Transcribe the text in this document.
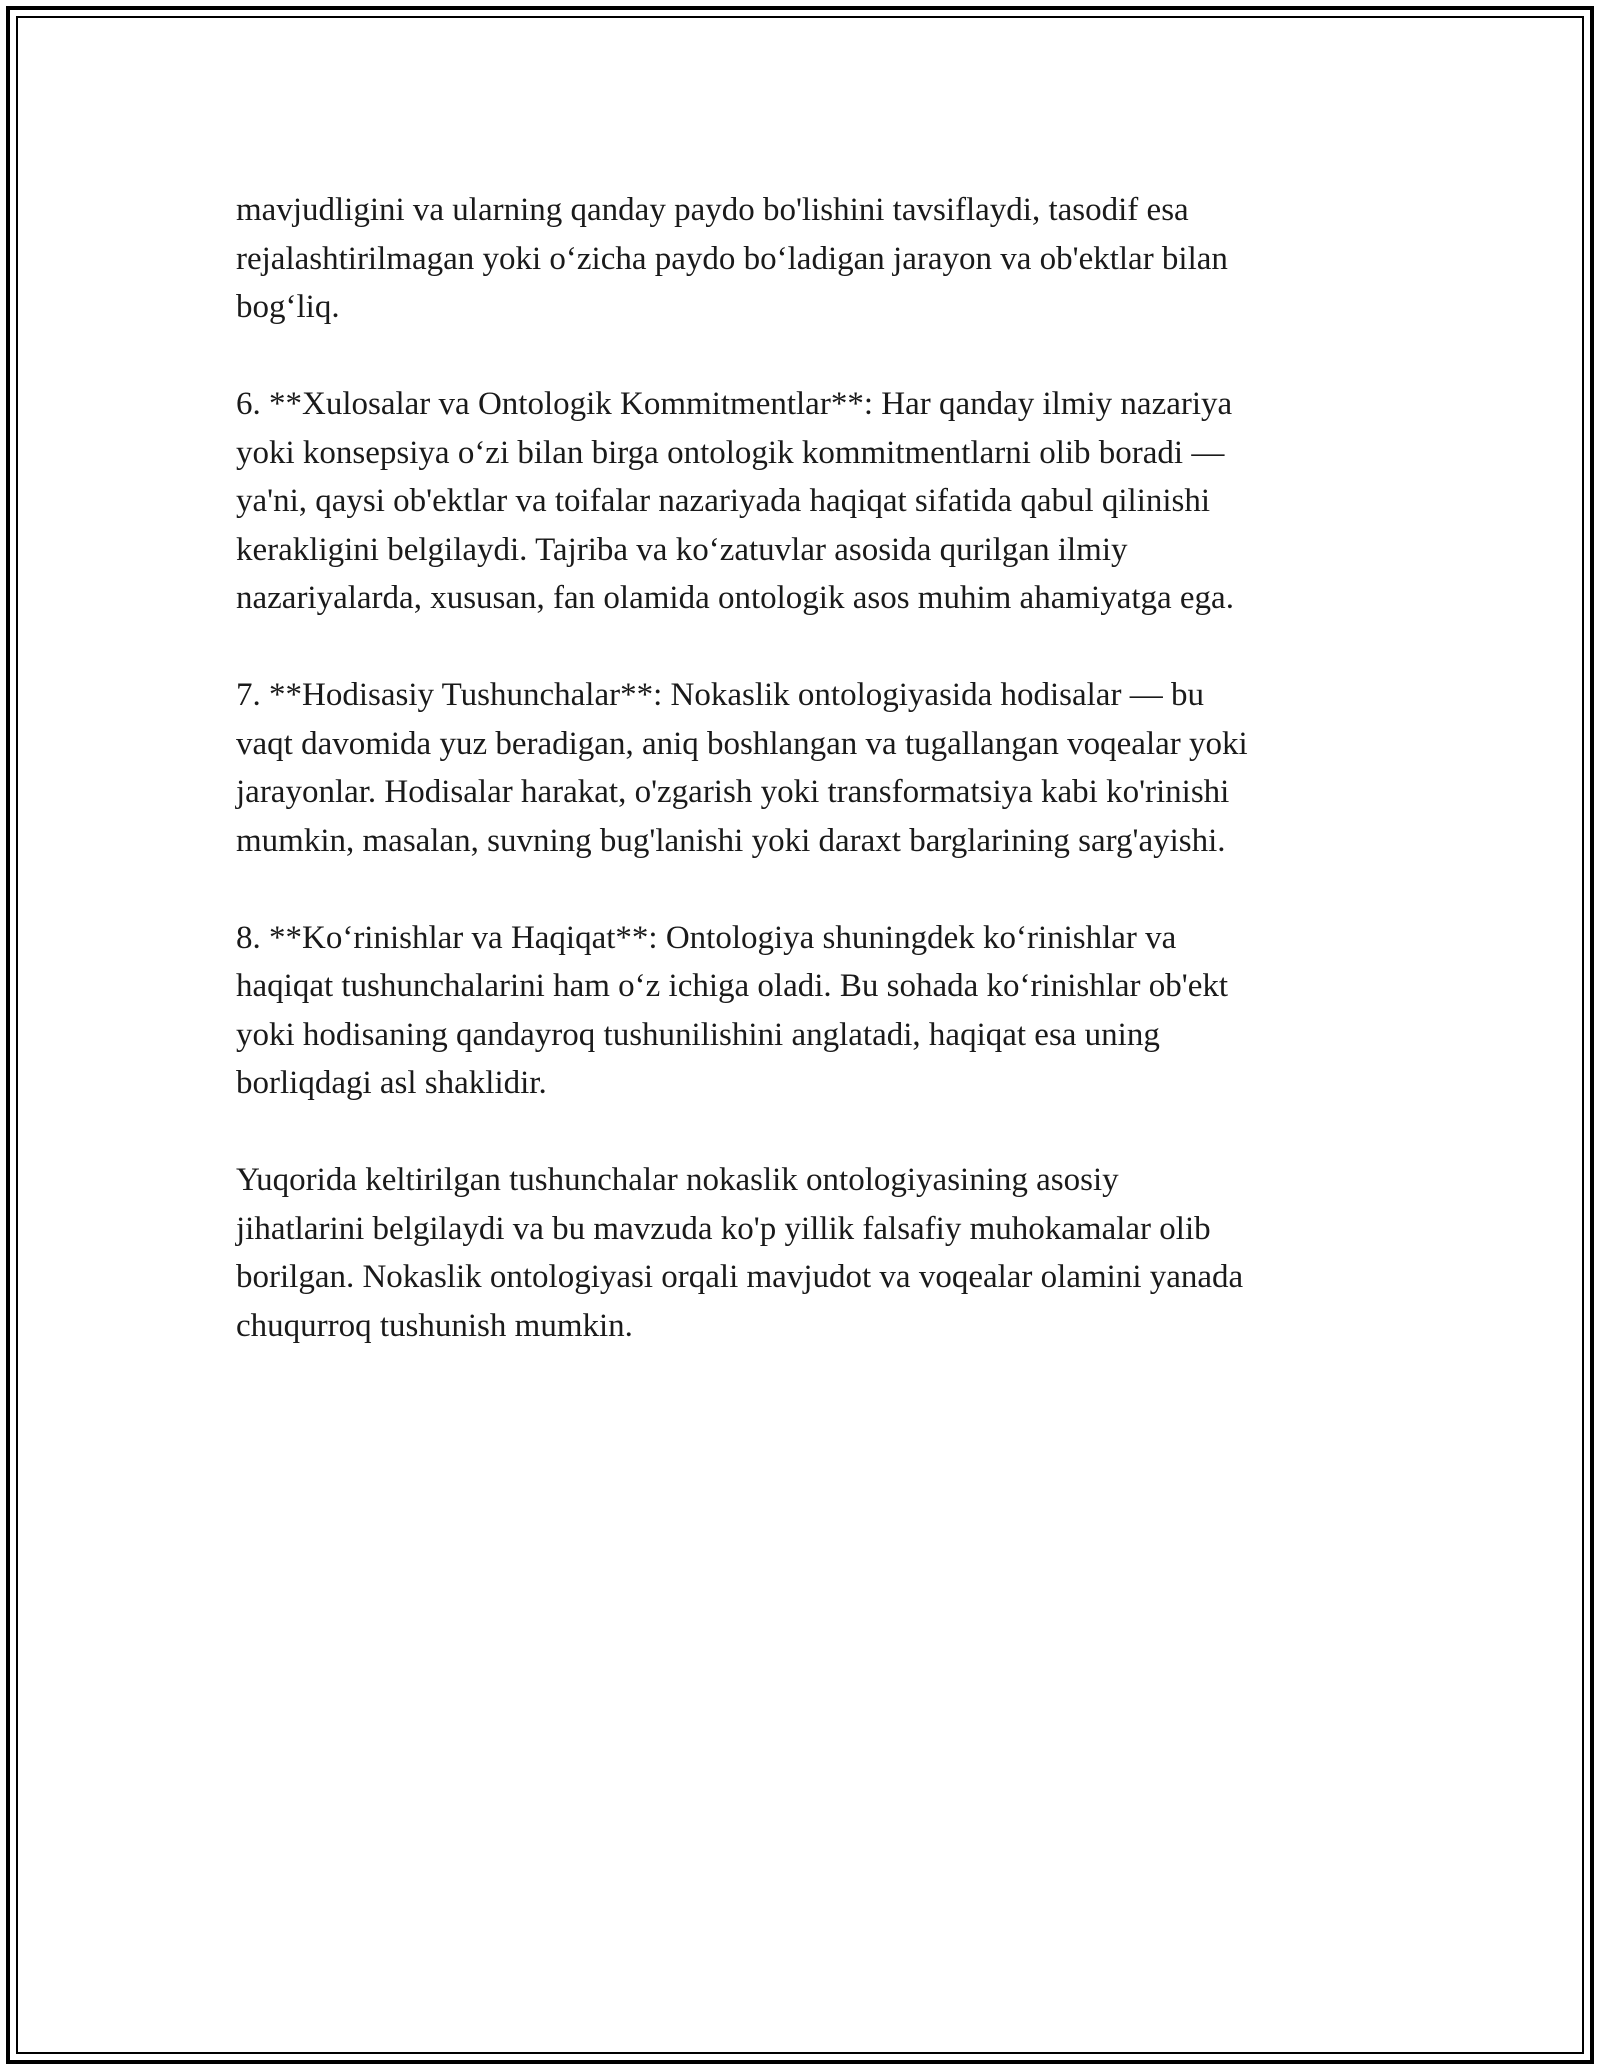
mavjudligini va ularning qanday paydo bo'lishini tavsiflaydi, tasodif esa
rejalashtirilmagan yoki o‘zicha paydo bo‘ladigan jarayon va ob'ektlar bilan
bog‘liq.

6. **Xulosalar va Ontologik Kommitmentlar**: Har qanday ilmiy nazariya
yoki konsepsiya o‘zi bilan birga ontologik kommitmentlarni olib boradi —
ya'ni, qaysi ob'ektlar va toifalar nazariyada haqiqat sifatida qabul qilinishi
kerakligini belgilaydi. Tajriba va ko‘zatuvlar asosida qurilgan ilmiy
nazariyalarda, xususan, fan olamida ontologik asos muhim ahamiyatga ega.

7. **Hodisasiy Tushunchalar**: Nokaslik ontologiyasida hodisalar — bu
vaqt davomida yuz beradigan, aniq boshlangan va tugallangan voqealar yoki
jarayonlar. Hodisalar harakat, o'zgarish yoki transformatsiya kabi ko'rinishi
mumkin, masalan, suvning bug'lanishi yoki daraxt barglarining sarg'ayishi.

8. **Ko‘rinishlar va Haqiqat**: Ontologiya shuningdek ko‘rinishlar va
haqiqat tushunchalarini ham o‘z ichiga oladi. Bu sohada ko‘rinishlar ob'ekt
yoki hodisaning qandayroq tushunilishini anglatadi, haqiqat esa uning
borliqdagi asl shaklidir.

Yuqorida keltirilgan tushunchalar nokaslik ontologiyasining asosiy
jihatlarini belgilaydi va bu mavzuda ko'p yillik falsafiy muhokamalar olib
borilgan. Nokaslik ontologiyasi orqali mavjudot va voqealar olamini yanada
chuqurroq tushunish mumkin.
